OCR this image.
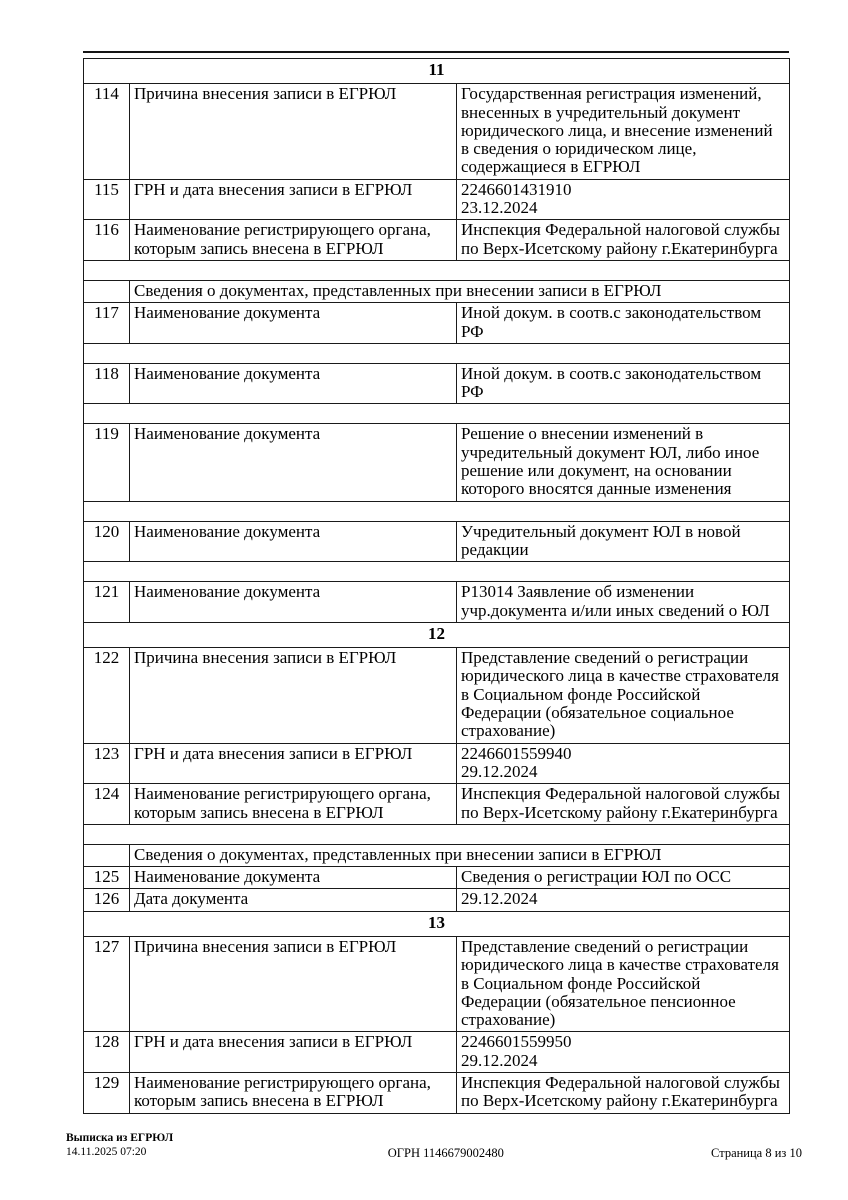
11		
114	Причина внесения записи в ЕГРЮЛ	Государственная регистрация изменений,
внесенных в учредительный документ
юридического лица, и внесение изменений
в сведения о юридическом лице,
содержащиеся в ЕГРЮЛ
115	ГРН и дата внесения записи в ЕГРЮЛ	2246601431910
23.12.2024
116	Наименование регистрирующего органа,
которым запись внесена в ЕГРЮЛ	Инспекция Федеральной налоговой службы
по Верх-Исетскому району г.Екатеринбурга

	Сведения о документах, представленных при внесении записи в ЕГРЮЛ	
117	Наименование документа	Иной докум. в соотв.с законодательством
РФ

118	Наименование документа	Иной докум. в соотв.с законодательством
РФ

119	Наименование документа	Решение о внесении изменений в
учредительный документ ЮЛ, либо иное
решение или документ, на основании
которого вносятся данные изменения

120	Наименование документа	Учредительный документ ЮЛ в новой
редакции

121	Наименование документа	Р13014 Заявление об изменении
учр.документа и/или иных сведений о ЮЛ
12		
122	Причина внесения записи в ЕГРЮЛ	Представление сведений о регистрации
юридического лица в качестве страхователя
в Социальном фонде Российской
Федерации (обязательное социальное
страхование)
123	ГРН и дата внесения записи в ЕГРЮЛ	2246601559940
29.12.2024
124	Наименование регистрирующего органа,
которым запись внесена в ЕГРЮЛ	Инспекция Федеральной налоговой службы
по Верх-Исетскому району г.Екатеринбурга

	Сведения о документах, представленных при внесении записи в ЕГРЮЛ	
125	Наименование документа	Сведения о регистрации ЮЛ по ОСС
126	Дата документа	29.12.2024
13		
127	Причина внесения записи в ЕГРЮЛ	Представление сведений о регистрации
юридического лица в качестве страхователя
в Социальном фонде Российской
Федерации (обязательное пенсионное
страхование)
128	ГРН и дата внесения записи в ЕГРЮЛ	2246601559950
29.12.2024
129	Наименование регистрирующего органа,
которым запись внесена в ЕГРЮЛ	Инспекция Федеральной налоговой службы
по Верх-Исетскому району г.Екатеринбурга
Выписка из ЕГРЮЛ
14.11.2025 07:20	ОГРН 1146679002480	Страница 8 из 10
